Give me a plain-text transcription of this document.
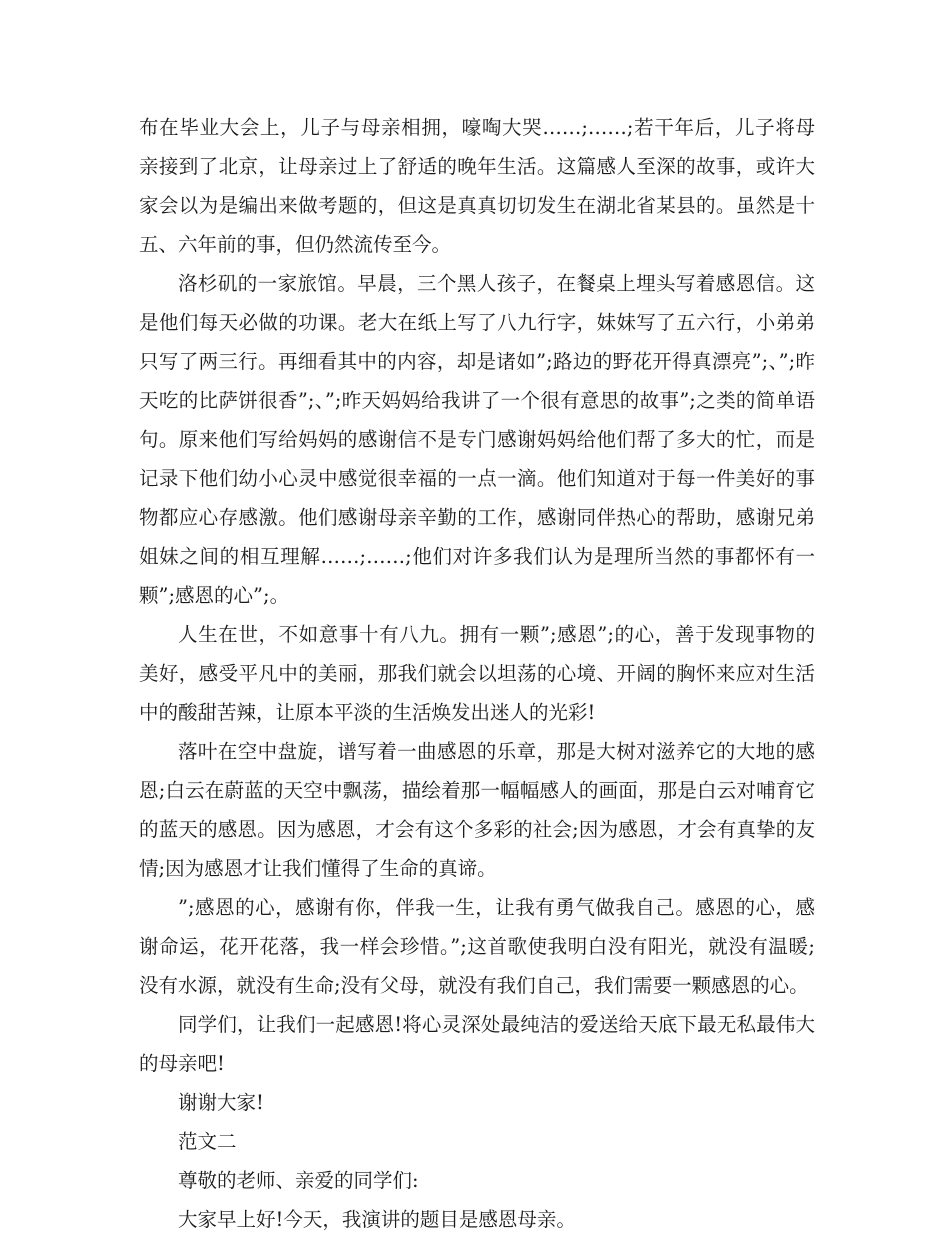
布在毕业大会上，儿子与母亲相拥，嚎啕大哭……;……;若干年后，儿子将母亲接到了北京，让母亲过上了舒适的晚年生活。这篇感人至深的故事，或许大家会以为是编出来做考题的，但这是真真切切发生在湖北省某县的。虽然是十五、六年前的事，但仍然流传至今。

洛杉矶的一家旅馆。早晨，三个黑人孩子，在餐桌上埋头写着感恩信。这是他们每天必做的功课。老大在纸上写了八九行字，妹妹写了五六行，小弟弟只写了两三行。再细看其中的内容，却是诸如”;路边的野花开得真漂亮”;、”;昨天吃的比萨饼很香”;、”;昨天妈妈给我讲了一个很有意思的故事”;之类的简单语句。原来他们写给妈妈的感谢信不是专门感谢妈妈给他们帮了多大的忙，而是记录下他们幼小心灵中感觉很幸福的一点一滴。他们知道对于每一件美好的事物都应心存感激。他们感谢母亲辛勤的工作，感谢同伴热心的帮助，感谢兄弟姐妹之间的相互理解……;……;他们对许多我们认为是理所当然的事都怀有一颗”;感恩的心”;。

人生在世，不如意事十有八九。拥有一颗”;感恩”;的心，善于发现事物的美好，感受平凡中的美丽，那我们就会以坦荡的心境、开阔的胸怀来应对生活中的酸甜苦辣，让原本平淡的生活焕发出迷人的光彩!

落叶在空中盘旋，谱写着一曲感恩的乐章，那是大树对滋养它的大地的感恩;白云在蔚蓝的天空中飘荡，描绘着那一幅幅感人的画面，那是白云对哺育它的蓝天的感恩。因为感恩，才会有这个多彩的社会;因为感恩，才会有真挚的友情;因为感恩才让我们懂得了生命的真谛。

”;感恩的心，感谢有你，伴我一生，让我有勇气做我自己。感恩的心，感谢命运，花开花落，我一样会珍惜。”;这首歌使我明白没有阳光，就没有温暖;没有水源，就没有生命;没有父母，就没有我们自己，我们需要一颗感恩的心。

同学们，让我们一起感恩!将心灵深处最纯洁的爱送给天底下最无私最伟大的母亲吧!

谢谢大家!

范文二

尊敬的老师、亲爱的同学们:

大家早上好!今天，我演讲的题目是感恩母亲。
